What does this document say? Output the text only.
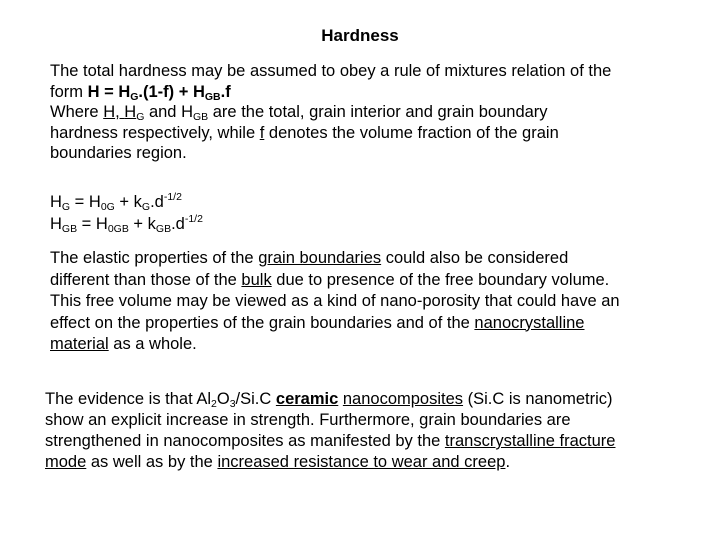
Hardness
The total hardness may be assumed to obey a rule of mixtures relation of the
form $H = H_G.(1-f) + H_{GB}.f$
Where H, $H_G$ and $H_{GB}$ are the total, grain interior and grain boundary
hardness respectively, while f denotes the volume fraction of the grain
boundaries region.
$H_G = H_{0G} + k_G.d^{-1/2}$
$H_{GB} = H_{0GB} + k_{GB}.d^{-1/2}$
The elastic properties of the grain boundaries could also be considered
different than those of the bulk due to presence of the free boundary volume.
This free volume may be viewed as a kind of nano-porosity that could have an
effect on the properties of the grain boundaries and of the nanocrystalline
material as a whole.
The evidence is that $Al_2O_3/Si.C$ ceramic nanocomposites (Si.C is nanometric)
show an explicit increase in strength. Furthermore, grain boundaries are
strengthened in nanocomposites as manifested by the transcrystalline fracture
mode as well as by the increased resistance to wear and creep.
